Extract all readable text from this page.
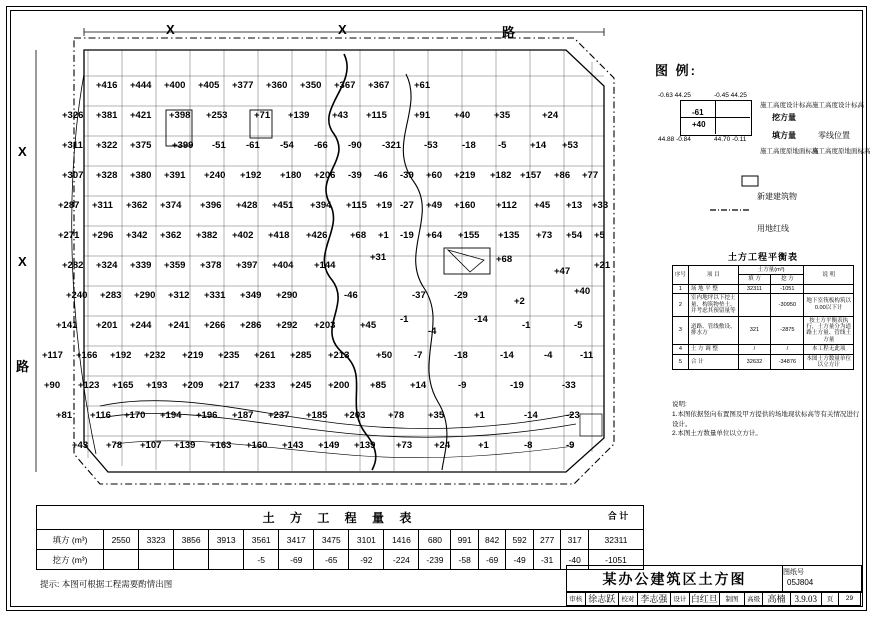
X	X	路
X
X
路
+416 +444 +400 +405 +377 +360 +350 +367 +367	+61
+326 +381 +421 +398 +253	+71 +139 +43 +115	+91	+40	+35	+24
+311 +322 +375 +399 -51 -61 -54 -66 -90 -321 -53	-18 -5 +14 +53
+307 +328 +380 +391 +240 +192 +180 +206 -39 -46 -39 +60 +219 +182 +157 +86 +77
+287 +311 +362 +374 +396 +428 +451 +394 +115 +19 -27 +49 +160 +112 +45 +13 +33
+271 +296 +342 +362 +382 +402 +418 +426 +68 +1 -19 +64 +155 +135 +73 +54 +5
+282 +324 +339 +359 +378 +397 +404 +144
+31	+68
+47
+21
+240 +283 +290 +312 +331 +349 +290	-46	-37	-29
+2
+40
+141 +201 +244 +241 +266 +286 +292 +203	+45
-1
-4
-14
-1	-5
+117 +166 +192 +232 +219 +235 +261 +285 +213	+50 -7	-18	-14	-4	-11
+90 +123 +165 +193 +209 +217 +233 +245 +200 +85	+14	-9	-19	-33
+81 +116 +170 +194 +196 +187 +237 +185 +203 +78	+35	+1	-14	-23
+43 +78 +107 +139 +163 +160 +143 +149 +139 +73 +24	+1	-8	-9
图 例:
-0.63 44.25	-0.45 44.25
44.88 -0.84	44.70 -0.11
施工高度设计标高 施工高度设计标高
施工高度原地面标高
施工高度原地面标高
挖方量
填方量	零线位置
-61
+40
新建建筑物
用地红线
土方工程平衡表
序号	项 目	土方量(m³)		说 明
		填 方	挖 方	
1	场 地 平 整	32311	-1051	
2	室内地坪以下挖土量、构筑物垫土、并考虑其预留量等		-30950	地下室筏板构筑以0.00以下计
3	道路、管线敷设、排水方	321	-2875	按土方平衡表执行，土方量分为道路土方量、管线土方量
4	土 方 调 整	/	/	本工程无此项
5	合 计	32632	-34876	本图土方数量单位以立方计
说明:
1.本图依据竖向布置图及甲方提供的场地现状标高等有关情况进行设计。
2.本图土方数量单位以立方计。
土 方 工 程 量 表
填方 (m³)	2550	3323	3856	3913	3561	3417	3475	3101	1416	680	991	842	592	277	317	32311
挖方 (m³)					-5	-69	-65	-92	-224	-239	-58	-69	-49	-31	-40	-1051
合 计
提示: 本图可根据工程需要酌情出图	某办公建筑区土方图	图纸号
05J804
审核	徐志跃	校对	李志强	设计	白红旦	制图	高级	高楠	3.9.03	页	29
